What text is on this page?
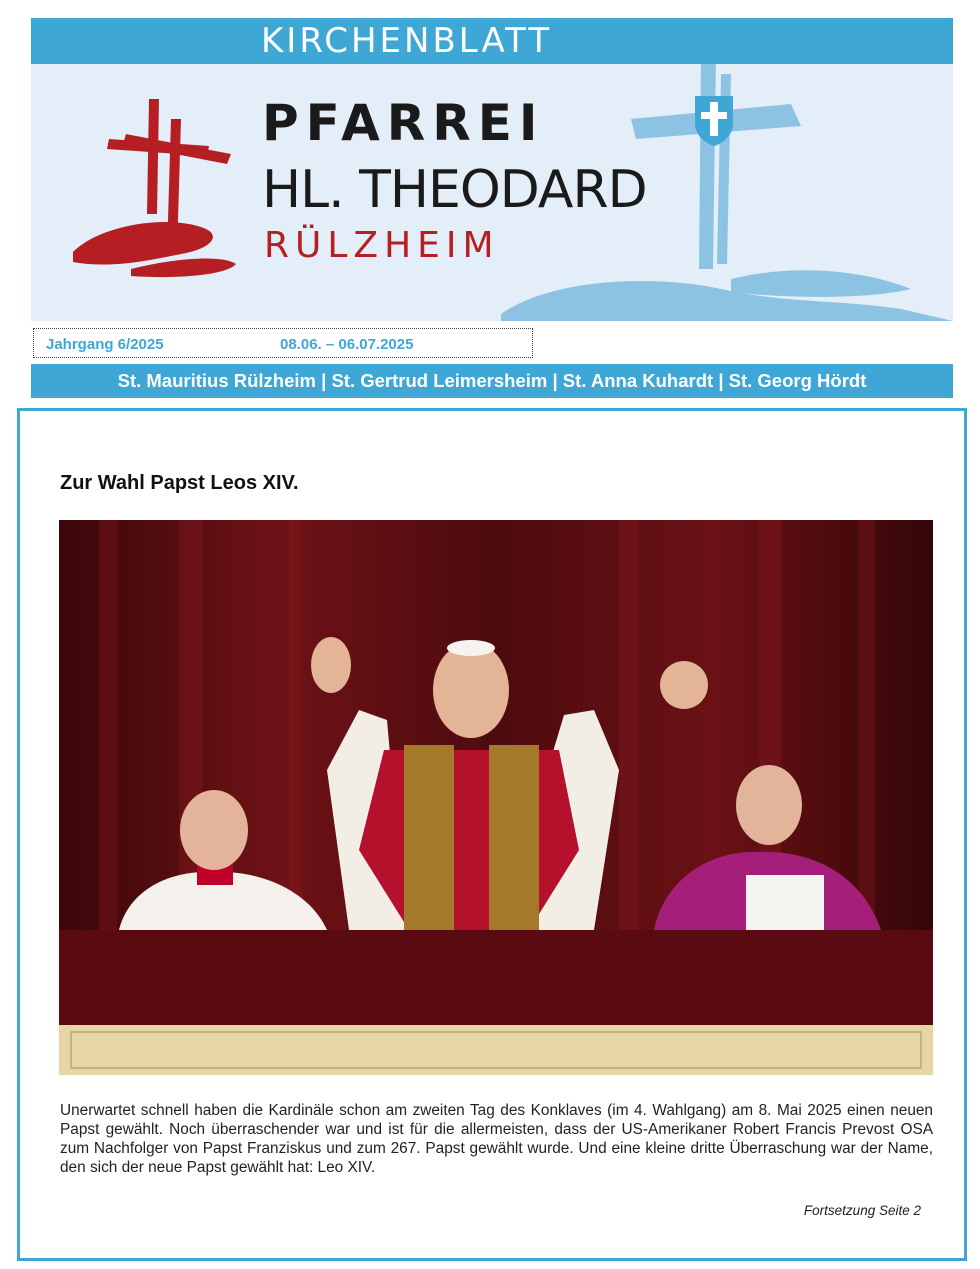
KIRCHENBLATT
PFARREI
HL. THEODARD
RÜLZHEIM
Jahrgang 6/2025	08.06. – 06.07.2025
St. Mauritius Rülzheim | St. Gertrud Leimersheim | St. Anna Kuhardt | St. Georg Hördt
Zur Wahl Papst Leos XIV.

Unerwartet schnell haben die Kardinäle schon am zweiten Tag des Konklaves (im 4. Wahlgang) am 8. Mai 2025 einen neuen Papst gewählt. Noch überraschender war und ist für die allermeisten, dass der US-Amerikaner Robert Francis Prevost OSA zum Nachfolger von Papst Franziskus und zum 267. Papst gewählt wurde. Und eine kleine dritte Überraschung war der Name, den sich der neue Papst gewählt hat: Leo XIV.

Fortsetzung Seite 2
